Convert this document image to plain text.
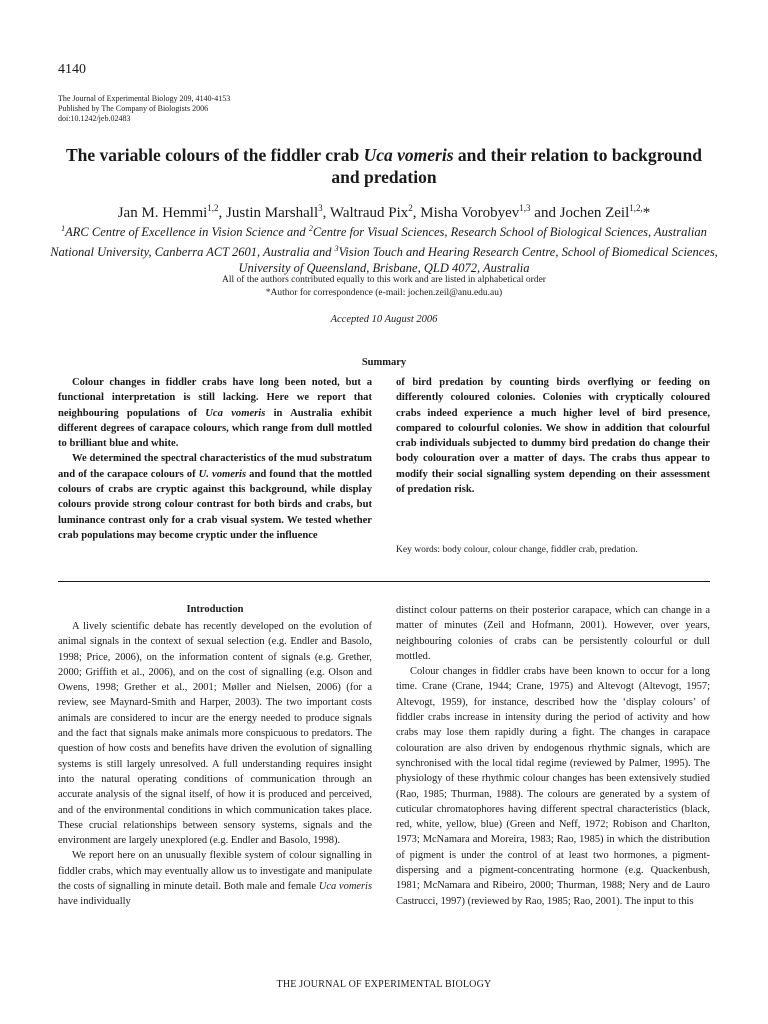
4140
The Journal of Experimental Biology 209, 4140-4153
Published by The Company of Biologists 2006
doi:10.1242/jeb.02483
The variable colours of the fiddler crab Uca vomeris and their relation to background and predation
Jan M. Hemmi$^{1,2}$, Justin Marshall$^3$, Waltraud Pix$^2$, Misha Vorobyev$^{1,3}$ and Jochen Zeil$^{1,2,}$*
$^1$ARC Centre of Excellence in Vision Science and $^2$Centre for Visual Sciences, Research School of Biological Sciences, Australian National University, Canberra ACT 2601, Australia and $^3$Vision Touch and Hearing Research Centre, School of Biomedical Sciences, University of Queensland, Brisbane, QLD 4072, Australia
All of the authors contributed equally to this work and are listed in alphabetical order
*Author for correspondence (e-mail: jochen.zeil@anu.edu.au)
Accepted 10 August 2006
Summary

Colour changes in fiddler crabs have long been noted, but a functional interpretation is still lacking. Here we report that neighbouring populations of Uca vomeris in Australia exhibit different degrees of carapace colours, which range from dull mottled to brilliant blue and white.

We determined the spectral characteristics of the mud substratum and of the carapace colours of U. vomeris and found that the mottled colours of crabs are cryptic against this background, while display colours provide strong colour contrast for both birds and crabs, but luminance contrast only for a crab visual system. We tested whether crab populations may become cryptic under the influence

of bird predation by counting birds overflying or feeding on differently coloured colonies. Colonies with cryptically coloured crabs indeed experience a much higher level of bird presence, compared to colourful colonies. We show in addition that colourful crab individuals subjected to dummy bird predation do change their body colouration over a matter of days. The crabs thus appear to modify their social signalling system depending on their assessment of predation risk.

Key words: body colour, colour change, fiddler crab, predation.
Introduction

A lively scientific debate has recently developed on the evolution of animal signals in the context of sexual selection (e.g. Endler and Basolo, 1998; Price, 2006), on the information content of signals (e.g. Grether, 2000; Griffith et al., 2006), and on the cost of signalling (e.g. Olson and Owens, 1998; Grether et al., 2001; Møller and Nielsen, 2006) (for a review, see Maynard-Smith and Harper, 2003). The two important costs animals are considered to incur are the energy needed to produce signals and the fact that signals make animals more conspicuous to predators. The question of how costs and benefits have driven the evolution of signalling systems is still largely unresolved. A full understanding requires insight into the natural operating conditions of communication through an accurate analysis of the signal itself, of how it is produced and perceived, and of the environmental conditions in which communication takes place. These crucial relationships between sensory systems, signals and the environment are largely unexplored (e.g. Endler and Basolo, 1998).

We report here on an unusually flexible system of colour signalling in fiddler crabs, which may eventually allow us to investigate and manipulate the costs of signalling in minute detail. Both male and female Uca vomeris have individually

distinct colour patterns on their posterior carapace, which can change in a matter of minutes (Zeil and Hofmann, 2001). However, over years, neighbouring colonies of crabs can be persistently colourful or dull mottled.

Colour changes in fiddler crabs have been known to occur for a long time. Crane (Crane, 1944; Crane, 1975) and Altevogt (Altevogt, 1957; Altevogt, 1959), for instance, described how the ‘display colours’ of fiddler crabs increase in intensity during the period of activity and how crabs may lose them rapidly during a fight. The changes in carapace colouration are also driven by endogenous rhythmic signals, which are synchronised with the local tidal regime (reviewed by Palmer, 1995). The physiology of these rhythmic colour changes has been extensively studied (Rao, 1985; Thurman, 1988). The colours are generated by a system of cuticular chromatophores having different spectral characteristics (black, red, white, yellow, blue) (Green and Neff, 1972; Robison and Charlton, 1973; McNamara and Moreira, 1983; Rao, 1985) in which the distribution of pigment is under the control of at least two hormones, a pigment-dispersing and a pigment-concentrating hormone (e.g. Quackenbush, 1981; McNamara and Ribeiro, 2000; Thurman, 1988; Nery and de Lauro Castrucci, 1997) (reviewed by Rao, 1985; Rao, 2001). The input to this

THE JOURNAL OF EXPERIMENTAL BIOLOGY
